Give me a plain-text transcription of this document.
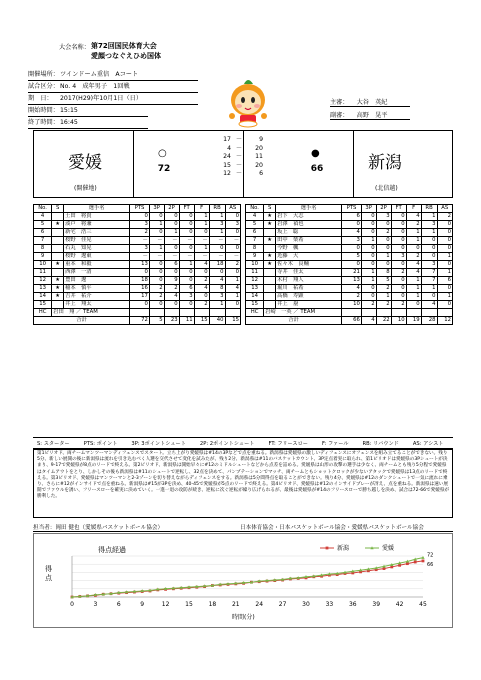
大会名称： 第72回国民体育大会
愛顔つなぐえひめ国体
開催場所：ツインドーム重信　Aコート
試合区分：No. 4　成年男子　1回戦
期　日： 2017(H29)年10月1日（日）
開始時間：15:15
終了時間：16:45
主審： 大谷　英紀
副審： 高野　晃平
愛媛
(開催地)
○
72
●
66	新潟
(北信越)
17 －	9
4 －	20
24 －	11
15 －	20
12 －	6
No.	S	選手名	PTS	3P	2P	FT	F	RB	AS
4		土田　将貴	0	0	0	0	1	1	0
5	★	湊戸　将兼	3	1	0	0	1	3	3
6		新宅　浩三	2	0	1	0	0	1	0
7		桜野　佳晃	－	－	－	－	－	－	－
8		石丸　知晃	3	1	0	0	1	0	0
9		桜野　遼東	－	－	－	－	－	－	－
10	★	重本　和毅	13	0	6	1	4	18	2
11		西澤　一清	0	0	0	0	0	0	0
12	★	豊田　遼	18	0	9	0	2	4	1
13	★	稲本　慎平	16	2	2	6	4	8	4
14	★	吉井　祐介	17	2	4	3	0	3	1
15		井上　翔太	0	0	0	0	2	1	0
HC	岩田　翔 ／ TEAM								
合計			72	5	23	11	15	40	15
No.	S	選手名	PTS	3P	2P	FT	F	RB	AS
4	★	岩下　大志	6	0	3	0	4	1	2
5	★	岩澤　禎也	0	0	0	0	2	3	0
6		坂上　聡	4	0	2	0	1	1	0
7	★	田中　楽希	3	1	0	0	1	0	0
8		今野　楓	0	0	0	0	0	0	0
9	★	近藤　大	5	0	1	3	2	0	1
10	★	佐々木　良輔	0	0	0	0	4	3	0
11		寺井　佳太	21	1	8	2	4	7	1
12		木村　翔人	13	1	5	0	1	7	6
13		堀川　祐希	4	0	2	0	1	1	0
14		高橋　寿顕	2	0	1	0	1	0	1
15		井上　塁	10	2	2	2	0	4	0
HC	岩崎　一英 ／ TEAM								
合計			66	4	22	10	19	28	12
S: スターター	PTS: ポイント	3P: 3ポイントシュート	2P: 2ポイントシュート	FT: フリースロー	F: ファール	RB: リバウンド	AS: アシスト
第1ピリオド、両チームマンツーマンディフェンスでスタート。立ち上がり愛媛県は#14の3Pなどで点を重ねる。新潟県は愛媛県の激しいディフェンスにオフェンスを組み立てることができない。残り5分、新しい展開の後に新潟県は流れを引き込むべく人選を交代させて変化を試みたが、残り2分、新潟県は#11のバスケットカウント、3P定点着実に取られ、第1ピリオドは愛媛県の3Pシュートが決まり、9-17で愛媛県が8点のリードで終える。第2ピリオド、新潟県は開始早々に#12のミドルシュートなどから点差を詰める。愛媛県は山形の攻撃の選手は少なく、両チームとも残り5分程で愛媛県はタイムアウトをとり、しかしその後も新潟県は#11のシュートで逆転し、32点を決めて、パンプテーションでマッチ、両チームともショットクロックが少ないアタックで愛媛県は13点のリードで終える。第3ピリオド、愛媛県はマンツーマンと2-3ゾーンを切り替えながらディフェンスをする。新潟県は5分間得点を取ることができない。残り4分、愛媛県は#12のダンクシュートで一気に流れに乗り、さらに#12がインサイドで点を重ねる。新潟県は#15が3Pを決め、40-45で愛媛県が5点のリードで終える。第4ピリオド、愛媛県は#12のインサイドプレーが冴え、点を重ねる。新潟県は速い展開でファウルを誘い、フリースローを確実に決めていく。一進一退の攻防が続き、逆転に次ぐ逆転が繰り広げられるが、最後は愛媛県が#14のフリースローで勝ち越しを決め、試合は72-66で愛媛県が勝利した。
担当者：岡田 健也（愛媛県バスケットボール協会）	日本体育協会・日本バスケットボール協会・愛媛県バスケットボール協会
得点経過
得点
時間(分)
0	3	6	9	12	15	18	21	24	27	30	33	36	39	42	45
72
66
新潟	愛媛
